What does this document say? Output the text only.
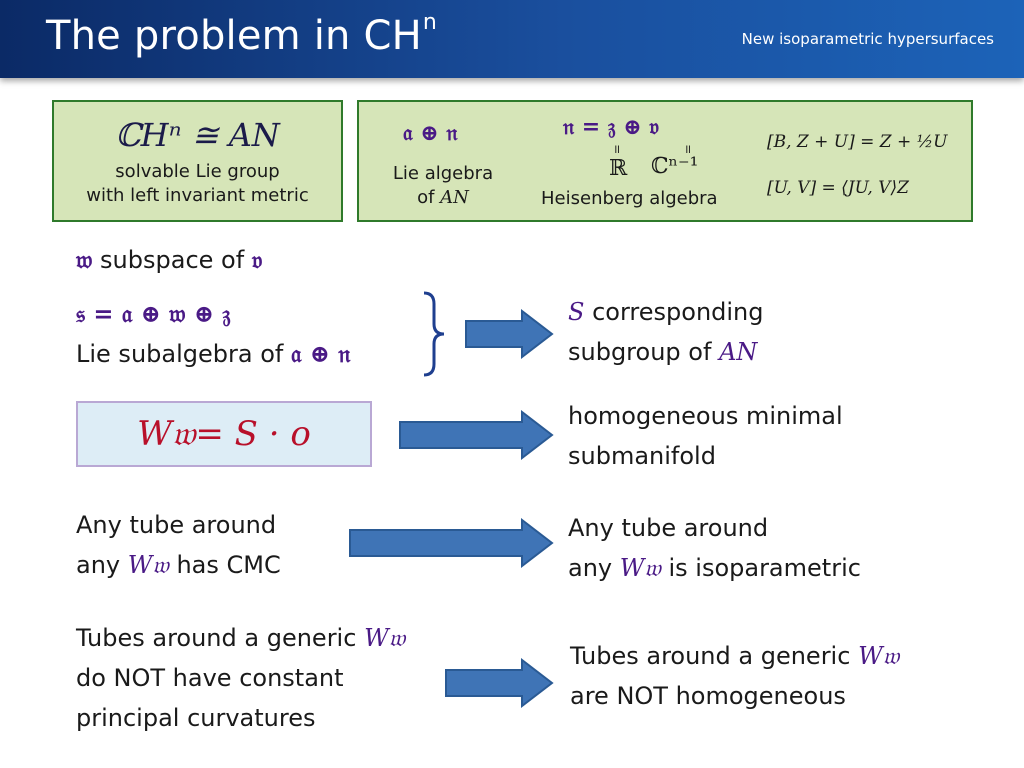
The problem in $CH^n$
New isoparametric hypersurfaces
ℂHⁿ ≅ AN
solvable Lie group
with left invariant metric
𝔞 ⊕ 𝔫
Lie algebra
of AN
𝔫 = 𝔷 ⊕ 𝔳
॥ ॥
ℝ ℂⁿ⁻¹
Heisenberg algebra
[B, Z + U] = Z + ½U
[U, V] = ⟨JU, V⟩Z
𝔴 subspace of 𝔳
𝔰 = 𝔞 ⊕ 𝔴 ⊕ 𝔷
Lie subalgebra of 𝔞 ⊕ 𝔫
S corresponding
subgroup of AN
W𝔴= S · o	homogeneous minimal
submanifold
Any tube around
any W𝔴 has CMC
Any tube around
any W𝔴 is isoparametric
Tubes around a generic W𝔴
do NOT have constant
principal curvatures
Tubes around a generic W𝔴
are NOT homogeneous
